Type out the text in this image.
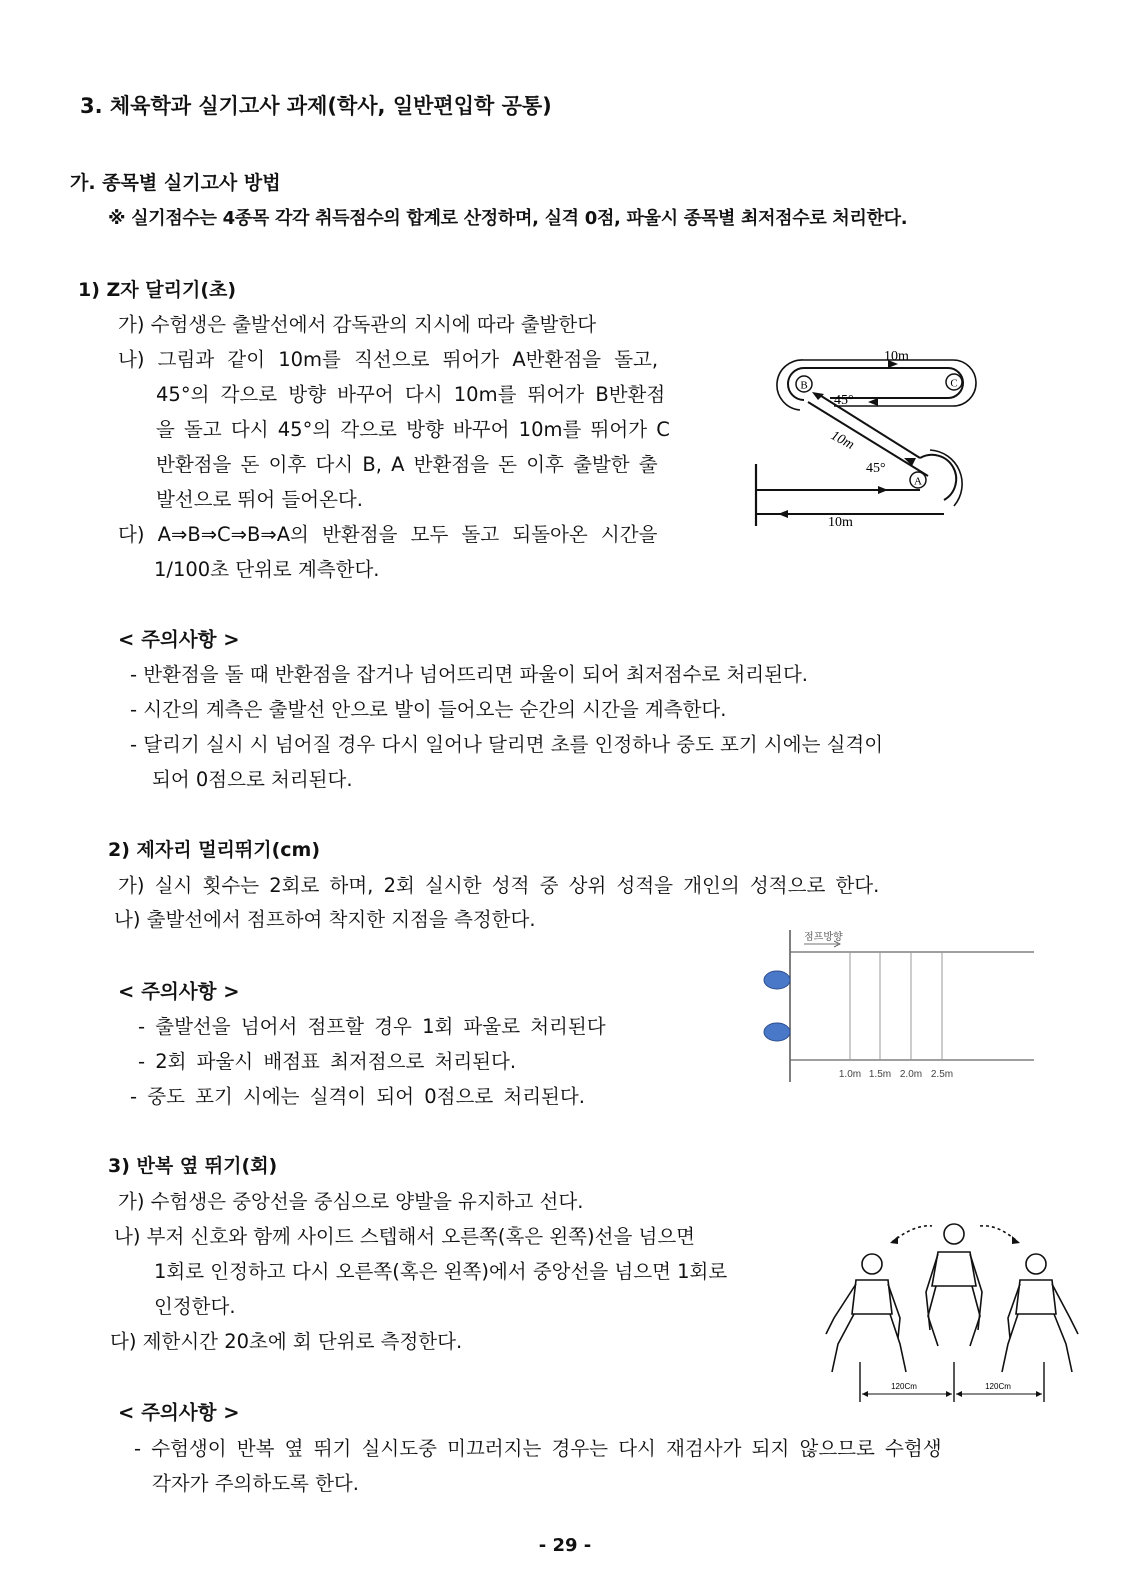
3. 체육학과 실기고사 과제(학사, 일반편입학 공통)
가. 종목별 실기고사 방법
※ 실기점수는 4종목 각각 취득점수의 합계로 산정하며, 실격 0점, 파울시 종목별 최저점수로 처리한다.
1) Z자 달리기(초)
가) 수험생은 출발선에서 감독관의 지시에 따라 출발한다
나) 그림과 같이 10m를 직선으로 뛰어가 A반환점을 돌고,
45°의 각으로 방향 바꾸어 다시 10m를 뛰어가 B반환점
을 돌고 다시 45°의 각으로 방향 바꾸어 10m를 뛰어가 C
반환점을 돈 이후 다시 B, A 반환점을 돈 이후 출발한 출
발선으로 뛰어 들어온다.
다) A⇒B⇒C⇒B⇒A의 반환점을 모두 돌고 되돌아온 시간을
1/100초 단위로 계측한다.
B	C
A
10m
45°
10m
45°
10m
< 주의사항 >
- 반환점을 돌 때 반환점을 잡거나 넘어뜨리면 파울이 되어 최저점수로 처리된다.
- 시간의 계측은 출발선 안으로 발이 들어오는 순간의 시간을 계측한다.
- 달리기 실시 시 넘어질 경우 다시 일어나 달리면 초를 인정하나 중도 포기 시에는 실격이
되어 0점으로 처리된다.
2) 제자리 멀리뛰기(cm)
가) 실시 횟수는 2회로 하며, 2회 실시한 성적 중 상위 성적을 개인의 성적으로 한다.
나) 출발선에서 점프하여 착지한 지점을 측정한다.
< 주의사항 >
- 출발선을 넘어서 점프할 경우 1회 파울로 처리된다
- 2회 파울시 배점표 최저점으로 처리된다.
- 중도 포기 시에는 실격이 되어 0점으로 처리된다.
점프방향
1.0m 1.5m 2.0m 2.5m
3) 반복 옆 뛰기(회)
가) 수험생은 중앙선을 중심으로 양발을 유지하고 선다.
나) 부저 신호와 함께 사이드 스텝해서 오른쪽(혹은 왼쪽)선을 넘으면
1회로 인정하고 다시 오른쪽(혹은 왼쪽)에서 중앙선을 넘으면 1회로
인정한다.
다) 제한시간 20초에 회 단위로 측정한다.
120Cm	120Cm
< 주의사항 >
- 수험생이 반복 옆 뛰기 실시도중 미끄러지는 경우는 다시 재검사가 되지 않으므로 수험생
각자가 주의하도록 한다.
- 29 -
